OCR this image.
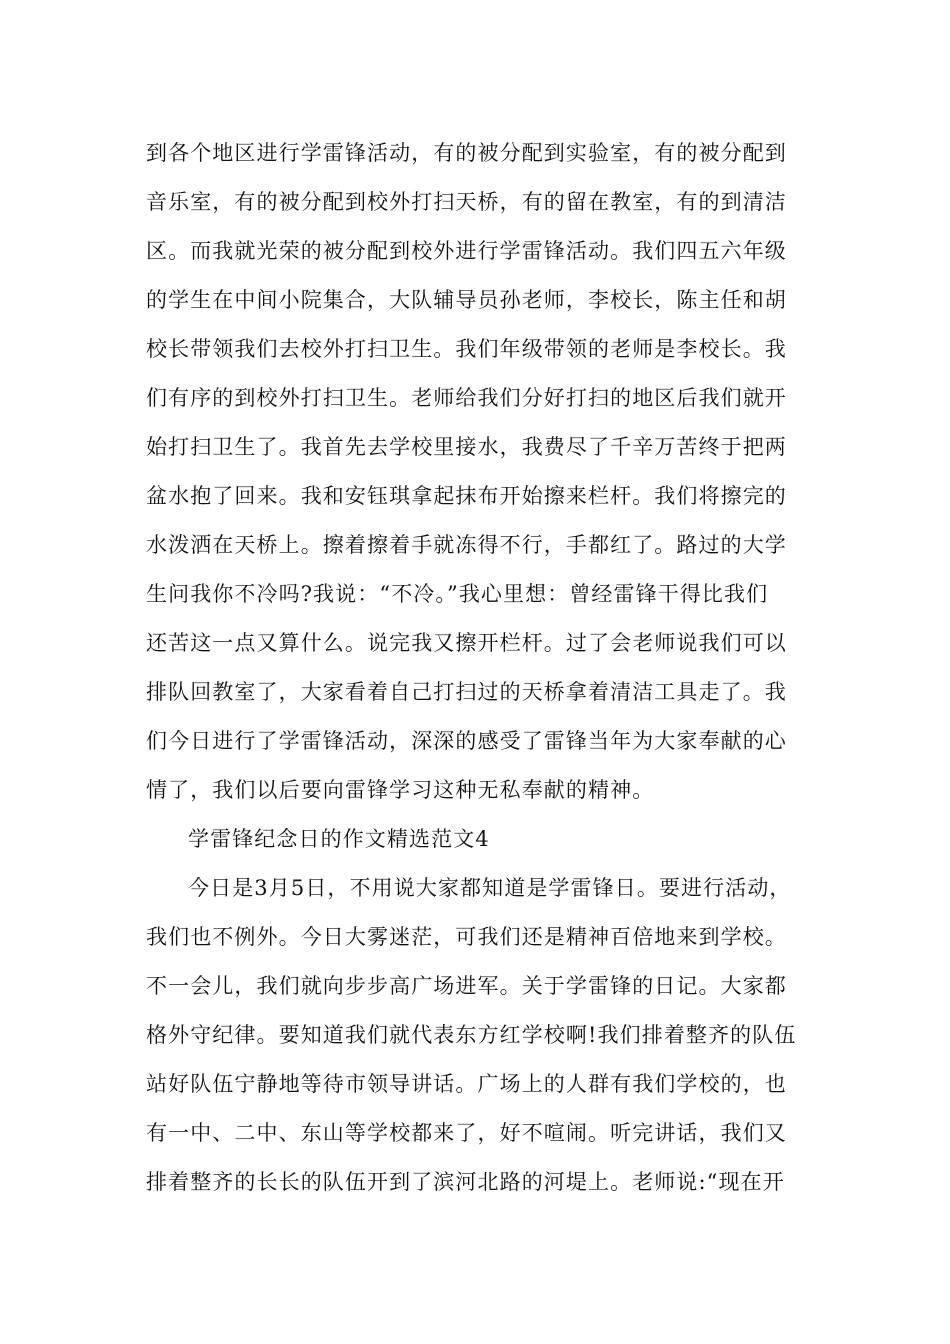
到各个地区进行学雷锋活动，有的被分配到实验室，有的被分配到
音乐室，有的被分配到校外打扫天桥，有的留在教室，有的到清洁
区。而我就光荣的被分配到校外进行学雷锋活动。我们四五六年级
的学生在中间小院集合，大队辅导员孙老师，李校长，陈主任和胡
校长带领我们去校外打扫卫生。我们年级带领的老师是李校长。我
们有序的到校外打扫卫生。老师给我们分好打扫的地区后我们就开
始打扫卫生了。我首先去学校里接水，我费尽了千辛万苦终于把两
盆水抱了回来。我和安钰琪拿起抹布开始擦来栏杆。我们将擦完的
水泼洒在天桥上。擦着擦着手就冻得不行，手都红了。路过的大学
生问我你不冷吗?我说：“不冷。”我心里想：曾经雷锋干得比我们
还苦这一点又算什么。说完我又擦开栏杆。过了会老师说我们可以
排队回教室了，大家看着自己打扫过的天桥拿着清洁工具走了。我
们今日进行了学雷锋活动，深深的感受了雷锋当年为大家奉献的心
情了，我们以后要向雷锋学习这种无私奉献的精神。
学雷锋纪念日的作文精选范文4
今日是3月5日，不用说大家都知道是学雷锋日。要进行活动，
我们也不例外。今日大雾迷茫，可我们还是精神百倍地来到学校。
不一会儿，我们就向步步高广场进军。关于学雷锋的日记。大家都
格外守纪律。要知道我们就代表东方红学校啊!我们排着整齐的队伍
站好队伍宁静地等待市领导讲话。广场上的人群有我们学校的，也
有一中、二中、东山等学校都来了，好不喧闹。听完讲话，我们又
排着整齐的长长的队伍开到了滨河北路的河堤上。老师说:“现在开
